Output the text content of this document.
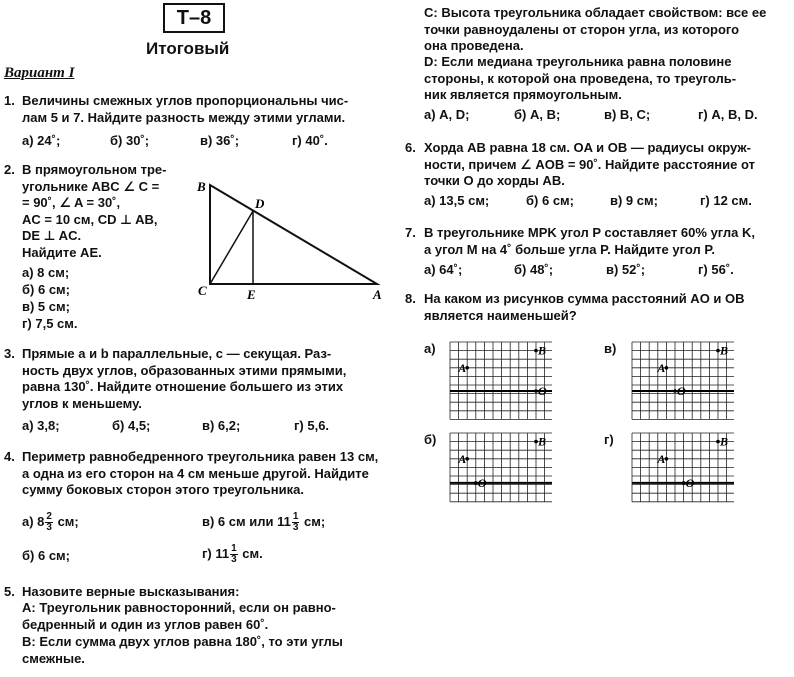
Т–8
Итоговый
Вариант I
1. Величины смежных углов пропорциональны чис-
лам 5 и 7. Найдите разность между этими углами.
а) 24˚;	б) 30˚;	в) 36˚;	г) 40˚.
2. В прямоугольном тре-
угольнике ABC ∠ C =
= 90˚, ∠ A = 30˚,
AC = 10 см, CD ⊥ AB,
DE ⊥ AC.
Найдите AE.
а) 8 см;
б) 6 см;
в) 5 см;
г) 7,5 см.
B
D
C	E	A
3. Прямые a и b параллельные, c — секущая. Раз-
ность двух углов, образованных этими прямыми,
равна 130˚. Найдите отношение большего из этих
углов к меньшему.
а) 3,8;	б) 4,5;	в) 6,2;	г) 5,6.
4. Периметр равнобедренного треугольника равен 13 см,
а одна из его сторон на 4 см меньше другой. Найдите
сумму боковых сторон этого треугольника.
а) $8 \frac{2}{3}$ см;	в) 6 см или $11 \frac{1}{3}$ см;
б) 6 см;	г) $11 \frac{1}{3}$ см.
5. Назовите верные высказывания:
A: Треугольник равносторонний, если он равно-
бедренный и один из углов равен 60˚.
B: Если сумма двух углов равна 180˚, то эти углы
смежные.
C: Высота треугольника обладает свойством: все ее
точки равноудалены от сторон угла, из которого
она проведена.
D: Если медиана треугольника равна половине
стороны, к которой она проведена, то треуголь-
ник является прямоугольным.
а) A, D;	б) A, B;	в) B, C;	г) A, B, D.
6. Хорда AB равна 18 см. OA и OB — радиусы окруж-
ности, причем ∠ AOB = 90˚. Найдите расстояние от
точки O до хорды AB.
а) 13,5 см;	б) 6 см;	в) 9 см;	г) 12 см.
7. В треугольнике MPK угол P составляет 60% угла K,
а угол M на 4˚ больше угла P. Найдите угол P.
а) 64˚;	б) 48˚;	в) 52˚;	г) 56˚.
8. На каком из рисунков сумма расстояний AO и OB
является наименьшей?
а)	в)
б)	г)
A
B
O
A
B
O
A
B
O
A
B
O
